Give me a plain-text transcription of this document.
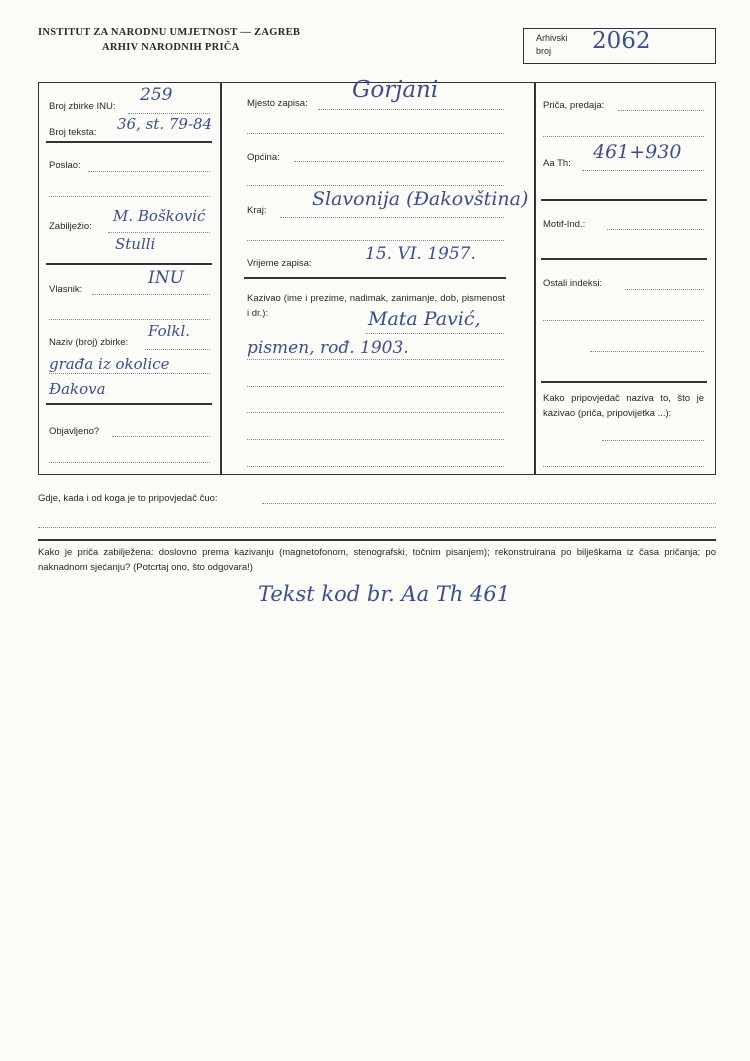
INSTITUT ZA NARODNU UMJETNOST — ZAGREB
ARHIV NARODNIH PRIČA
Arhivski
broj 2062
Broj zbirke INU:
259
Broj teksta: 36, st. 79-84
Poslao:
Zabilježio:
M. Bošković
Stulli
Vlasnik:
INU
Naziv (broj) zbirke:
Folkl.
građa iz okolice
Đakova
Objavljeno?
Mjesto zapisa:
Gorjani
Općina:
Kraj:
Slavonija (Đakovština)
Vrijeme zapisa:	15. VI. 1957.
Kazivao (ime i prezime, nadimak, zanimanje, dob, pismenost i dr.):	Mata Pavić,
pismen, rođ. 1903.
Priča, predaja:
Aa Th:
461+930
Motif-Ind.:
Ostali indeksi:
Kako pripovjedač naziva to, što je kazivao (priča, pripovijetka ...):
Gdje, kada i od koga je to pripovjedač čuo:
Kako je priča zabilježena: doslovno prema kazivanju (magnetofonom, stenografski, točnim pisanjem); rekonstruirana po bilješkama iz časa pričanja; po naknadnom sjećanju? (Potcrtaj ono, što odgovara!)
Tekst kod br. Aa Th 461
